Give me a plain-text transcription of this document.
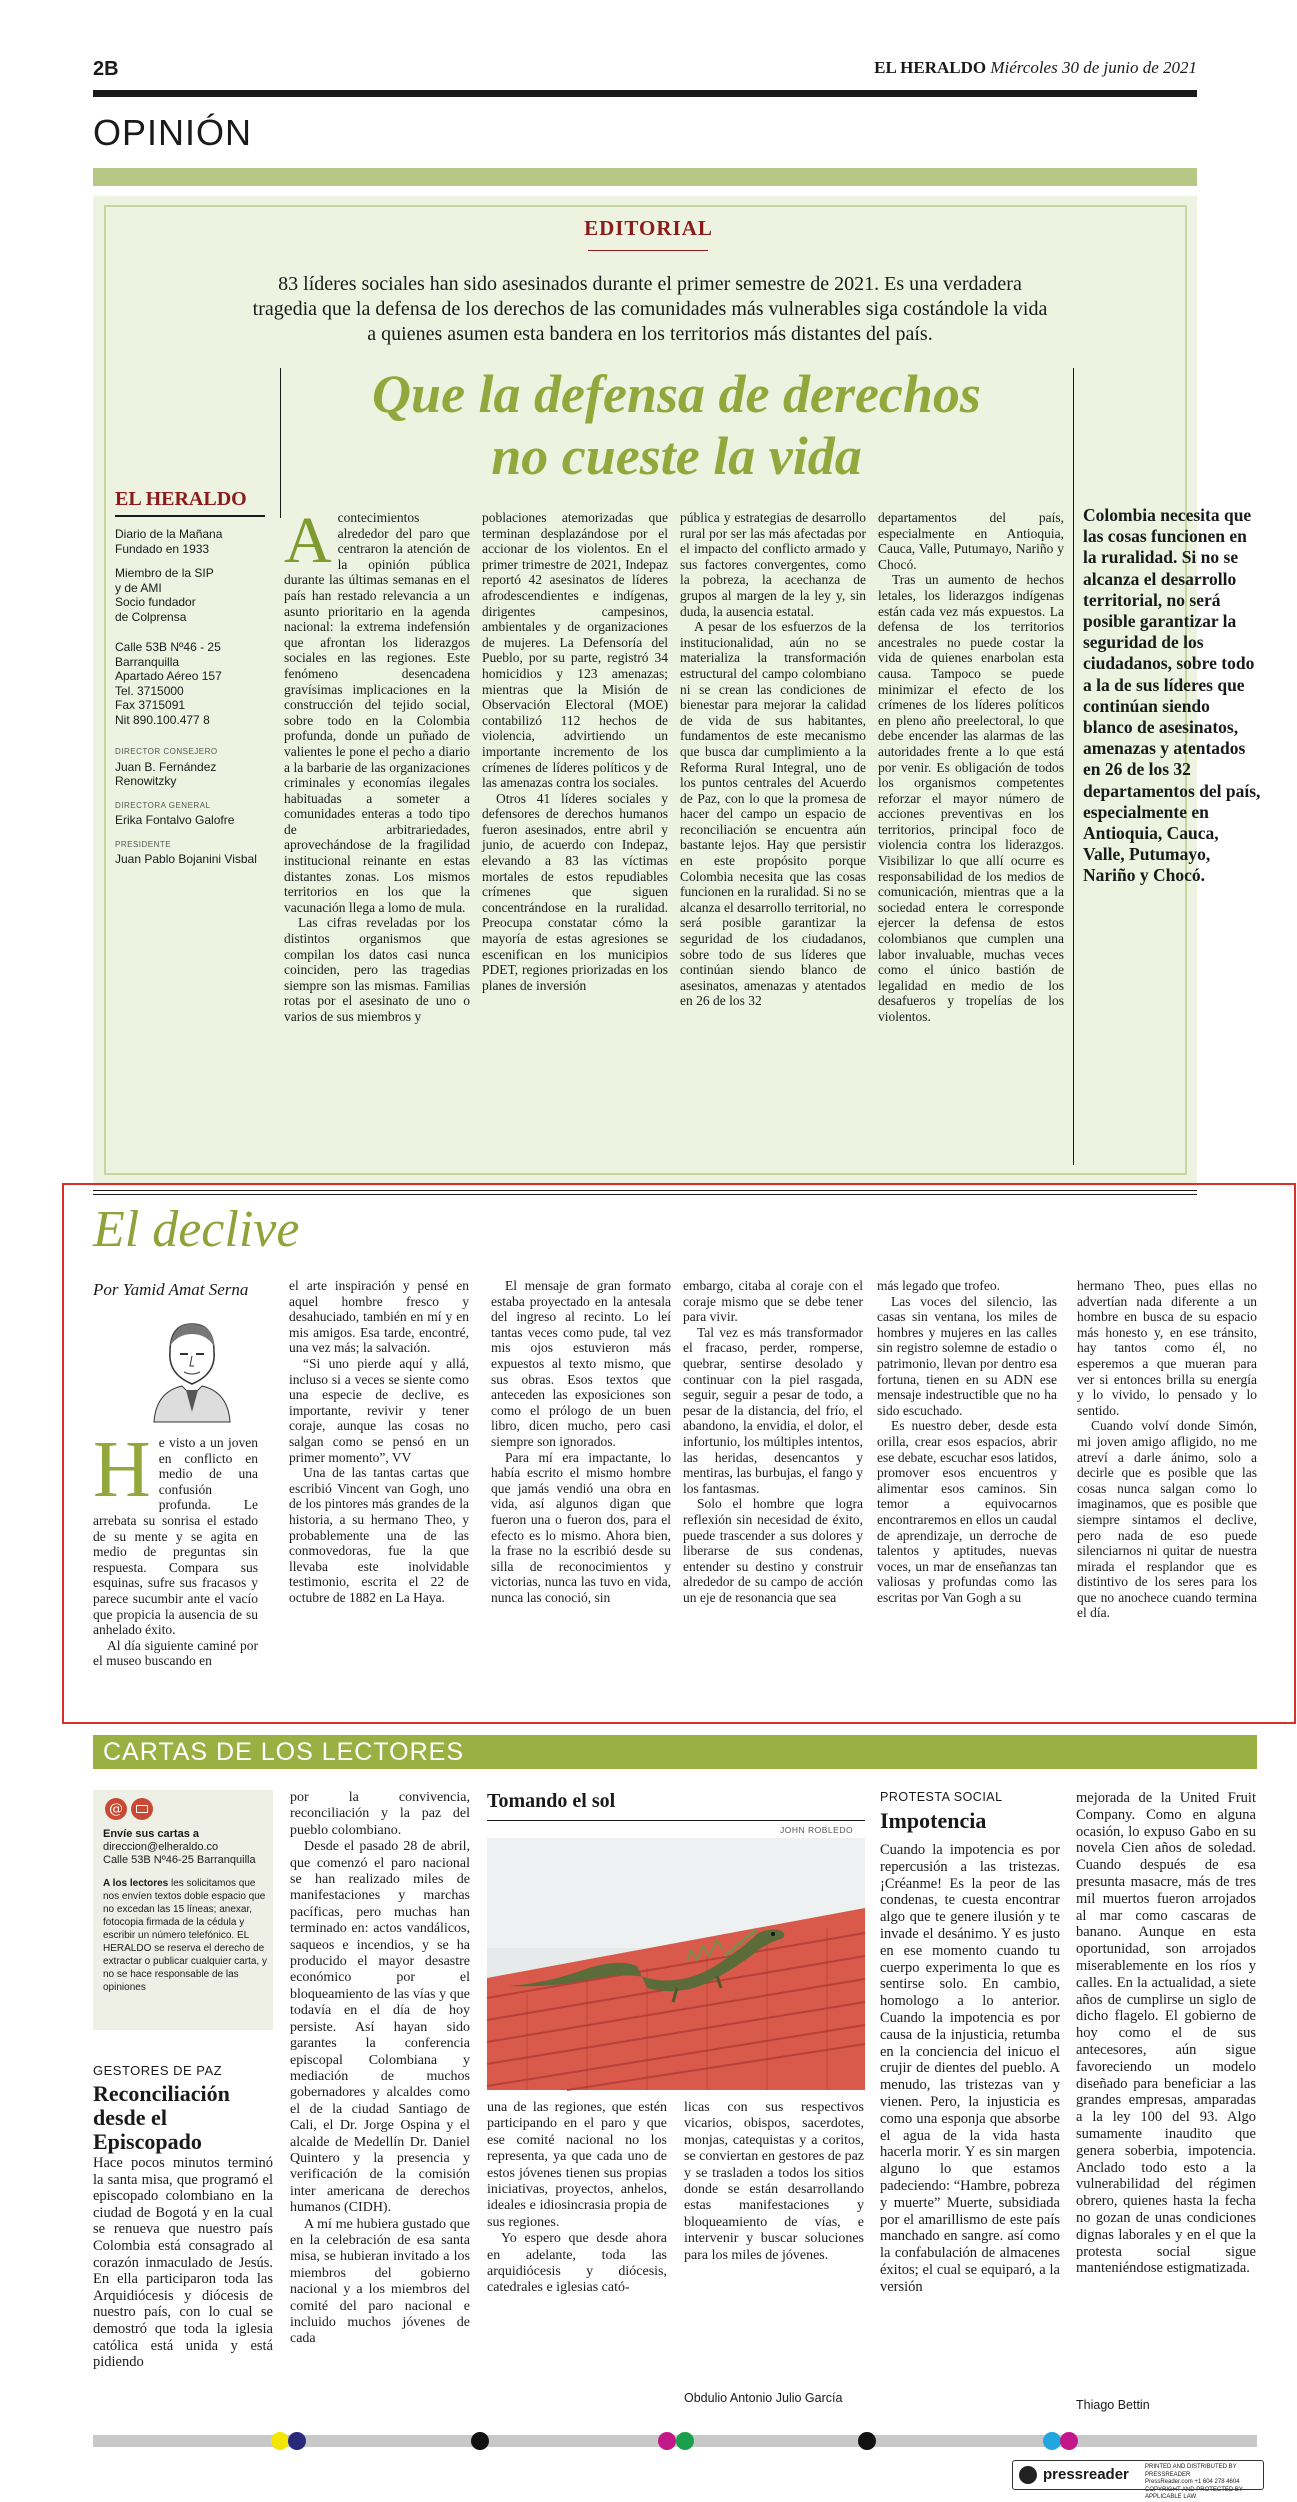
2B	EL HERALDO Miércoles 30 de junio de 2021
OPINIÓN
EDITORIAL
83 líderes sociales han sido asesinados durante el primer semestre de 2021. Es una verdadera tragedia que la defensa de los derechos de las comunidades más vulnerables siga costándole la vida a quienes asumen esta bandera en los territorios más distantes del país.
Que la defensa de derechos
no cueste la vida
EL HERALDO
Diario de la Mañana
Fundado en 1933
Miembro de la SIP
y de AMI
Socio fundador
de Colprensa
Calle 53B Nº46 - 25
Barranquilla
Apartado Aéreo 157
Tel. 3715000
Fax 3715091
Nit 890.100.477 8
DIRECTOR CONSEJERO
Juan B. Fernández Renowitzky
DIRECTORA GENERAL
Erika Fontalvo Galofre
PRESIDENTE
Juan Pablo Bojanini Visbal
A contecimientos alrededor del paro que centraron la atención de la opinión pública durante las últimas semanas en el país han restado relevancia a un asunto prioritario en la agenda nacional: la extrema indefensión que afrontan los liderazgos sociales en las regiones. Este fenómeno desencadena gravísimas implicaciones en la construcción del tejido social, sobre todo en la Colombia profunda, donde un puñado de valientes le pone el pecho a diario a la barbarie de las organizaciones criminales y economías ilegales habituadas a someter a comunidades enteras a todo tipo de arbitrariedades, aprovechándose de la fragilidad institucional reinante en estas distantes zonas. Los mismos territorios en los que la vacunación llega a lomo de mula.

Las cifras reveladas por los distintos organismos que compilan los datos casi nunca coinciden, pero las tragedias siempre son las mismas. Familias rotas por el asesinato de uno o varios de sus miembros y

poblaciones atemorizadas que terminan desplazándose por el accionar de los violentos. En el primer trimestre de 2021, Indepaz reportó 42 asesinatos de líderes afrodescendientes e indígenas, dirigentes campesinos, ambientales y de organizaciones de mujeres. La Defensoría del Pueblo, por su parte, registró 34 homicidios y 123 amenazas; mientras que la Misión de Observación Electoral (MOE) contabilizó 112 hechos de violencia, advirtiendo un importante incremento de los crímenes de líderes políticos y de las amenazas contra los sociales.

Otros 41 líderes sociales y defensores de derechos humanos fueron asesinados, entre abril y junio, de acuerdo con Indepaz, elevando a 83 las víctimas mortales de estos repudiables crímenes que siguen concentrándose en la ruralidad. Preocupa constatar cómo la mayoría de estas agresiones se escenifican en los municipios PDET, regiones priorizadas en los planes de inversión

pública y estrategias de desarrollo rural por ser las más afectadas por el impacto del conflicto armado y sus factores convergentes, como la pobreza, la acechanza de grupos al margen de la ley y, sin duda, la ausencia estatal.

A pesar de los esfuerzos de la institucionalidad, aún no se materializa la transformación estructural del campo colombiano ni se crean las condiciones de bienestar para mejorar la calidad de vida de sus habitantes, fundamentos de este mecanismo que busca dar cumplimiento a la Reforma Rural Integral, uno de los puntos centrales del Acuerdo de Paz, con lo que la promesa de hacer del campo un espacio de reconciliación se encuentra aún bastante lejos. Hay que persistir en este propósito porque Colombia necesita que las cosas funcionen en la ruralidad. Si no se alcanza el desarrollo territorial, no será posible garantizar la seguridad de los ciudadanos, sobre todo de sus líderes que continúan siendo blanco de asesinatos, amenazas y atentados en 26 de los 32

departamentos del país, especialmente en Antioquia, Cauca, Valle, Putumayo, Nariño y Chocó.

Tras un aumento de hechos letales, los liderazgos indígenas están cada vez más expuestos. La defensa de los territorios ancestrales no puede costar la vida de quienes enarbolan esta causa. Tampoco se puede minimizar el efecto de los crímenes de los líderes políticos en pleno año preelectoral, lo que debe encender las alarmas de las autoridades frente a lo que está por venir. Es obligación de todos los organismos competentes reforzar el mayor número de acciones preventivas en los territorios, principal foco de violencia contra los liderazgos. Visibilizar lo que allí ocurre es responsabilidad de los medios de comunicación, mientras que a la sociedad entera le corresponde ejercer la defensa de estos colombianos que cumplen una labor invaluable, muchas veces como el único bastión de legalidad en medio de los desafueros y tropelías de los violentos.

Colombia necesita que las cosas funcionen en la ruralidad. Si no se alcanza el desarrollo territorial, no será posible garantizar la seguridad de los ciudadanos, sobre todo a la de sus líderes que continúan siendo blanco de asesinatos, amenazas y atentados en 26 de los 32 departamentos del país, especialmente en Antioquia, Cauca, Valle, Putumayo, Nariño y Chocó.
El declive
Por Yamid Amat Serna
H e visto a un joven en conflicto en medio de una confusión profunda. Le arrebata su sonrisa el estado de su mente y se agita en medio de preguntas sin respuesta. Compara sus esquinas, sufre sus fracasos y parece sucumbir ante el vacío que propicia la ausencia de su anhelado éxito.

Al día siguiente caminé por el museo buscando en

el arte inspiración y pensé en aquel hombre fresco y desahuciado, también en mí y en mis amigos. Esa tarde, encontré, una vez más; la salvación.

“Si uno pierde aquí y allá, incluso si a veces se siente como una especie de declive, es importante, revivir y tener coraje, aunque las cosas no salgan como se pensó en un primer momento”, VV

Una de las tantas cartas que escribió Vincent van Gogh, uno de los pintores más grandes de la historia, a su hermano Theo, y probablemente una de las conmovedoras, fue la que llevaba este inolvidable testimonio, escrita el 22 de octubre de 1882 en La Haya.

El mensaje de gran formato estaba proyectado en la antesala del ingreso al recinto. Lo leí tantas veces como pude, tal vez mis ojos estuvieron más expuestos al texto mismo, que sus obras. Esos textos que anteceden las exposiciones son como el prólogo de un buen libro, dicen mucho, pero casi siempre son ignorados.

Para mí era impactante, lo había escrito el mismo hombre que jamás vendió una obra en vida, así algunos digan que fueron una o fueron dos, para el efecto es lo mismo. Ahora bien, la frase no la escribió desde su silla de reconocimientos y victorias, nunca las tuvo en vida, nunca las conoció, sin

embargo, citaba al coraje con el coraje mismo que se debe tener para vivir.

Tal vez es más transformador el fracaso, perder, romperse, quebrar, sentirse desolado y continuar con la piel rasgada, seguir, seguir a pesar de todo, a pesar de la distancia, del frío, el abandono, la envidia, el dolor, el infortunio, los múltiples intentos, las heridas, desencantos y mentiras, las burbujas, el fango y los fantasmas.

Solo el hombre que logra reflexión sin necesidad de éxito, puede trascender a sus dolores y liberarse de sus condenas, entender su destino y construir alrededor de su campo de acción un eje de resonancia que sea

más legado que trofeo.

Las voces del silencio, las casas sin ventana, los miles de hombres y mujeres en las calles sin registro solemne de estadio o patrimonio, llevan por dentro esa fortuna, tienen en su ADN ese mensaje indestructible que no ha sido escuchado.

Es nuestro deber, desde esta orilla, crear esos espacios, abrir ese debate, escuchar esos latidos, promover esos encuentros y alimentar esos caminos. Sin temor a equivocarnos encontraremos en ellos un caudal de aprendizaje, un derroche de talentos y aptitudes, nuevas voces, un mar de enseñanzas tan valiosas y profundas como las escritas por Van Gogh a su

hermano Theo, pues ellas no advertían nada diferente a un hombre en busca de su espacio más honesto y, en ese tránsito, hay tantos como él, no esperemos a que mueran para ver si entonces brilla su energía y lo vivido, lo pensado y lo sentido.

Cuando volví donde Simón, mi joven amigo afligido, no me atreví a darle ánimo, solo a decirle que es posible que las cosas nunca salgan como lo imaginamos, que es posible que siempre sintamos el declive, pero nada de eso puede silenciarnos ni quitar de nuestra mirada el resplandor que es distintivo de los seres para los que no anochece cuando termina el día.

CARTAS DE LOS LECTORES
@
Envíe sus cartas a
direccion@elheraldo.co
Calle 53B Nº46-25 Barranquilla
A los lectores les solicitamos que nos envíen textos doble espacio que no excedan las 15 líneas; anexar, fotocopia firmada de la cédula y escribir un número telefónico. EL HERALDO se reserva el derecho de extractar o publicar cualquier carta, y no se hace responsable de las opiniones
GESTORES DE PAZ
Reconciliación desde el Episcopado
Hace pocos minutos terminó la santa misa, que programó el episcopado colombiano en la ciudad de Bogotá y en la cual se renueva que nuestro país Colombia está consagrado al corazón inmaculado de Jesús. En ella participaron toda las Arquidiócesis y diócesis de nuestro país, con lo cual se demostró que toda la iglesia católica está unida y está pidiendo

por la convivencia, reconciliación y la paz del pueblo colombiano.

Desde el pasado 28 de abril, que comenzó el paro nacional se han realizado miles de manifestaciones y marchas pacíficas, pero muchas han terminado en: actos vandálicos, saqueos e incendios, y se ha producido el mayor desastre económico por el bloqueamiento de las vías y que todavía en el día de hoy persiste. Así hayan sido garantes la conferencia episcopal Colombiana y mediación de muchos gobernadores y alcaldes como el de la ciudad Santiago de Cali, el Dr. Jorge Ospina y el alcalde de Medellín Dr. Daniel Quintero y la presencia y verificación de la comisión inter americana de derechos humanos (CIDH).

A mí me hubiera gustado que en la celebración de esa santa misa, se hubieran invitado a los miembros del gobierno nacional y a los miembros del comité del paro nacional e incluido muchos jóvenes de cada

Tomando el sol
JOHN ROBLEDO

una de las regiones, que estén participando en el paro y que ese comité nacional no los representa, ya que cada uno de estos jóvenes tienen sus propias iniciativas, proyectos, anhelos, ideales e idiosincrasia propia de sus regiones.

Yo espero que desde ahora en adelante, toda las arquidiócesis y diócesis, catedrales e iglesias cató-

licas con sus respectivos vicarios, obispos, sacerdotes, monjas, catequistas y a coritos, se conviertan en gestores de paz y se trasladen a todos los sitios donde se están desarrollando estas manifestaciones y bloqueamiento de vías, e intervenir y buscar soluciones para los miles de jóvenes.
Obdulio Antonio Julio García
PROTESTA SOCIAL
Impotencia
Cuando la impotencia es por repercusión a las tristezas. ¡Créanme! Es la peor de las condenas, te cuesta encontrar algo que te genere ilusión y te invade el desánimo. Y es justo en ese momento cuando tu cuerpo experimenta lo que es sentirse solo. En cambio, homologo a lo anterior. Cuando la impotencia es por causa de la injusticia, retumba en la conciencia del inicuo el crujir de dientes del pueblo. A menudo, las tristezas van y vienen. Pero, la injusticia es como una esponja que absorbe el agua de la vida hasta hacerla morir. Y es sin margen alguno lo que estamos padeciendo: “Hambre, pobreza y muerte” Muerte, subsidiada por el amarillismo de este país manchado en sangre. así como la confabulación de almacenes éxitos; el cual se equiparó, a la versión
mejorada de la United Fruit Company. Como en alguna ocasión, lo expuso Gabo en su novela Cien años de soledad. Cuando después de esa presunta masacre, más de tres mil muertos fueron arrojados al mar como cascaras de banano. Aunque en esta oportunidad, son arrojados miserablemente en los ríos y calles. En la actualidad, a siete años de cumplirse un siglo de dicho flagelo. El gobierno de hoy como el de sus antecesores, aún sigue favoreciendo un modelo diseñado para beneficiar a las grandes empresas, amparadas a la ley 100 del 93. Algo sumamente inaudito que genera soberbia, impotencia. Anclado todo esto a la vulnerabilidad del régimen obrero, quienes hasta la fecha no gozan de unas condiciones dignas laborales y en el que la protesta social sigue manteniéndose estigmatizada.
Thiago Bettin
pressreader	PRINTED AND DISTRIBUTED BY PRESSREADER
PressReader.com +1 604 278 4604
COPYRIGHT AND PROTECTED BY APPLICABLE LAW
